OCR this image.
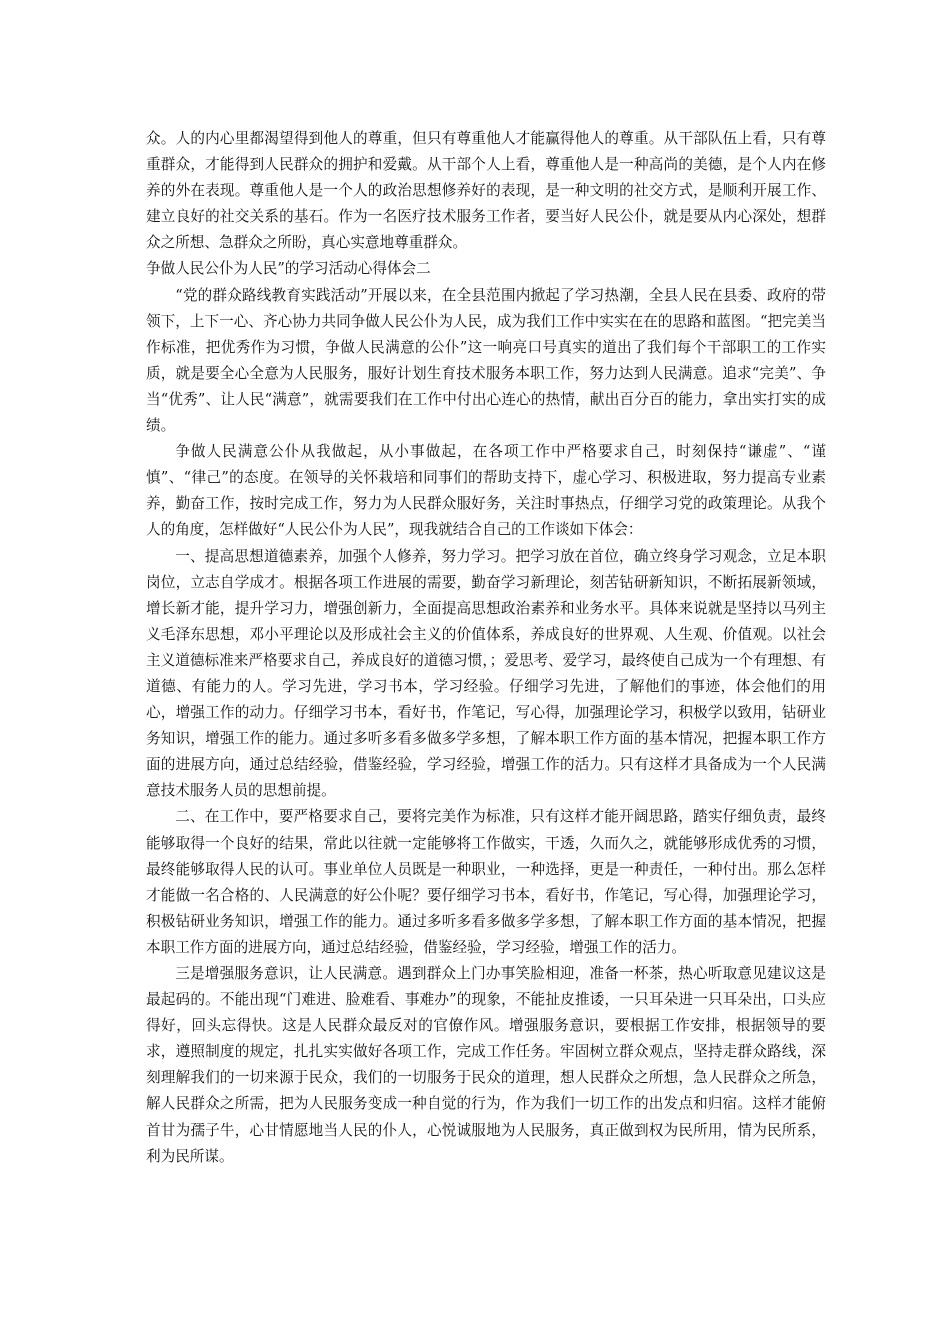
众。人的内心里都渴望得到他人的尊重，但只有尊重他人才能赢得他人的尊重。从干部队伍上看，只有尊重群众，才能得到人民群众的拥护和爱戴。从干部个人上看，尊重他人是一种高尚的美德，是个人内在修养的外在表现。尊重他人是一个人的政治思想修养好的表现，是一种文明的社交方式，是顺利开展工作、建立良好的社交关系的基石。作为一名医疗技术服务工作者，要当好人民公仆，就是要从内心深处，想群众之所想、急群众之所盼，真心实意地尊重群众。

争做人民公仆为人民”的学习活动心得体会二

“党的群众路线教育实践活动”开展以来，在全县范围内掀起了学习热潮，全县人民在县委、政府的带领下，上下一心、齐心协力共同争做人民公仆为人民，成为我们工作中实实在在的思路和蓝图。“把完美当作标准，把优秀作为习惯，争做人民满意的公仆”这一响亮口号真实的道出了我们每个干部职工的工作实质，就是要全心全意为人民服务，服好计划生育技术服务本职工作，努力达到人民满意。追求“完美”、争当“优秀”、让人民“满意”，就需要我们在工作中付出心连心的热情，献出百分百的能力，拿出实打实的成绩。

争做人民满意公仆从我做起，从小事做起，在各项工作中严格要求自己，时刻保持“谦虚”、“谨慎”、“律己”的态度。在领导的关怀栽培和同事们的帮助支持下，虚心学习、积极进取，努力提高专业素养，勤奋工作，按时完成工作，努力为人民群众服好务，关注时事热点，仔细学习党的政策理论。从我个人的角度，怎样做好“人民公仆为人民”，现我就结合自己的工作谈如下体会：

一、提高思想道德素养，加强个人修养，努力学习。把学习放在首位，确立终身学习观念，立足本职岗位，立志自学成才。根据各项工作进展的需要，勤奋学习新理论，刻苦钻研新知识，不断拓展新领域，增长新才能，提升学习力，增强创新力，全面提高思想政治素养和业务水平。具体来说就是坚持以马列主义毛泽东思想，邓小平理论以及形成社会主义的价值体系，养成良好的世界观、人生观、价值观。以社会主义道德标准来严格要求自己，养成良好的道德习惯，；爱思考、爱学习，最终使自己成为一个有理想、有道德、有能力的人。学习先进，学习书本，学习经验。仔细学习先进，了解他们的事迹，体会他们的用心，增强工作的动力。仔细学习书本，看好书，作笔记，写心得，加强理论学习，积极学以致用，钻研业务知识，增强工作的能力。通过多听多看多做多学多想，了解本职工作方面的基本情况，把握本职工作方面的进展方向，通过总结经验，借鉴经验，学习经验，增强工作的活力。只有这样才具备成为一个人民满意技术服务人员的思想前提。

二、在工作中，要严格要求自己，要将完美作为标准，只有这样才能开阔思路，踏实仔细负责，最终能够取得一个良好的结果，常此以往就一定能够将工作做实，干透，久而久之，就能够形成优秀的习惯，最终能够取得人民的认可。事业单位人员既是一种职业，一种选择，更是一种责任，一种付出。那么怎样才能做一名合格的、人民满意的好公仆呢？要仔细学习书本，看好书，作笔记，写心得，加强理论学习，积极钻研业务知识，增强工作的能力。通过多听多看多做多学多想，了解本职工作方面的基本情况，把握本职工作方面的进展方向，通过总结经验，借鉴经验，学习经验，增强工作的活力。

三是增强服务意识，让人民满意。遇到群众上门办事笑脸相迎，准备一杯茶，热心听取意见建议这是最起码的。不能出现“门难进、脸难看、事难办”的现象，不能扯皮推诿，一只耳朵进一只耳朵出，口头应得好，回头忘得快。这是人民群众最反对的官僚作风。增强服务意识，要根据工作安排，根据领导的要求，遵照制度的规定，扎扎实实做好各项工作，完成工作任务。牢固树立群众观点，坚持走群众路线，深刻理解我们的一切来源于民众，我们的一切服务于民众的道理，想人民群众之所想，急人民群众之所急，解人民群众之所需，把为人民服务变成一种自觉的行为，作为我们一切工作的出发点和归宿。这样才能俯首甘为孺子牛，心甘情愿地当人民的仆人，心悦诚服地为人民服务，真正做到权为民所用，情为民所系，利为民所谋。
